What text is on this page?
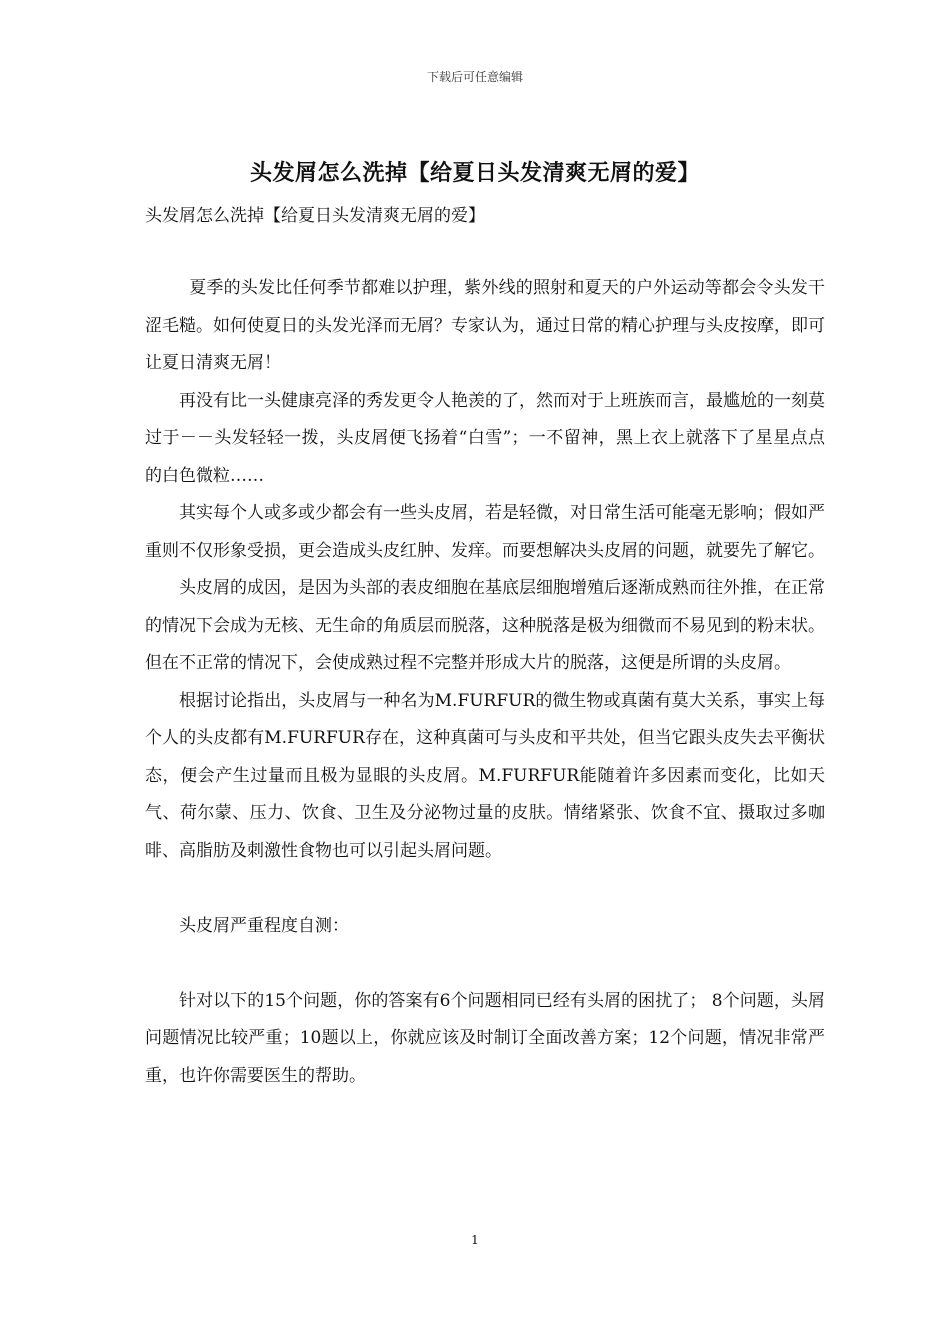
下载后可任意编辑
头发屑怎么洗掉【给夏日头发清爽无屑的爱】
头发屑怎么洗掉【给夏日头发清爽无屑的爱】

夏季的头发比任何季节都难以护理，紫外线的照射和夏天的户外运动等都会令头发干涩毛糙。如何使夏日的头发光泽而无屑？专家认为，通过日常的精心护理与头皮按摩，即可让夏日清爽无屑！

再没有比一头健康亮泽的秀发更令人艳羡的了，然而对于上班族而言，最尴尬的一刻莫过于－－头发轻轻一拨，头皮屑便飞扬着“白雪”；一不留神，黑上衣上就落下了星星点点的白色微粒……

其实每个人或多或少都会有一些头皮屑，若是轻微，对日常生活可能毫无影响；假如严重则不仅形象受损，更会造成头皮红肿、发痒。而要想解决头皮屑的问题，就要先了解它。

头皮屑的成因，是因为头部的表皮细胞在基底层细胞增殖后逐渐成熟而往外推，在正常的情况下会成为无核、无生命的角质层而脱落，这种脱落是极为细微而不易见到的粉末状。但在不正常的情况下，会使成熟过程不完整并形成大片的脱落，这便是所谓的头皮屑。

根据讨论指出，头皮屑与一种名为M.FURFUR的微生物或真菌有莫大关系，事实上每个人的头皮都有M.FURFUR存在，这种真菌可与头皮和平共处，但当它跟头皮失去平衡状态，便会产生过量而且极为显眼的头皮屑。M.FURFUR能随着许多因素而变化，比如天气、荷尔蒙、压力、饮食、卫生及分泌物过量的皮肤。情绪紧张、饮食不宜、摄取过多咖啡、高脂肪及刺激性食物也可以引起头屑问题。

头皮屑严重程度自测：

针对以下的15个问题，你的答案有6个问题相同已经有头屑的困扰了； 8个问题，头屑问题情况比较严重；10题以上，你就应该及时制订全面改善方案；12个问题，情况非常严重，也许你需要医生的帮助。

1
